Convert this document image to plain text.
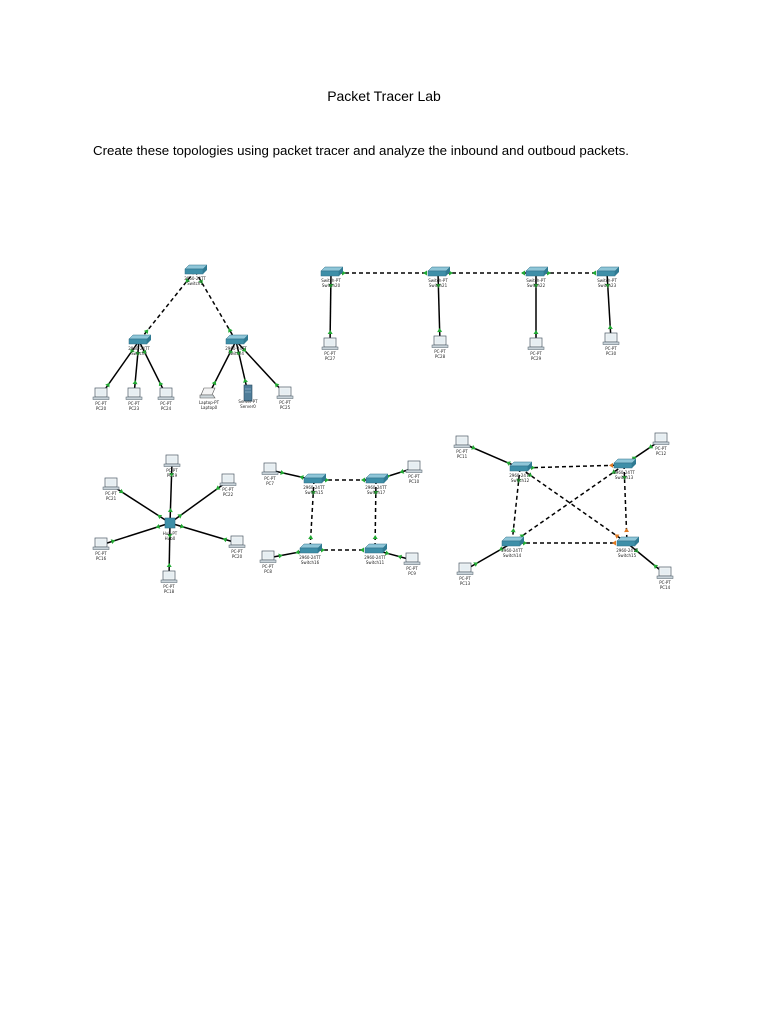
Packet Tracer Lab
Create these topologies using packet tracer and analyze the inbound and outboud packets.
2960-24TT
Switch1
2960-24TT
Switch3
2960-24TT
Switch4
PC-PT
PC20
PC-PT
PC23
PC-PT
PC24
Laptop-PT
Laptop0
Server-PT
Server0
PC-PT
PC25
Switch-PT
Switch20
Switch-PT
Switch21
Switch-PT
Switch22
Switch-PT
Switch23
PC-PT
PC27
PC-PT
PC28
PC-PT
PC29
PC-PT
PC30
Hub-PT
Hub0
PC-PT
PC19
PC-PT
PC21
PC-PT
PC22
PC-PT
PC16
PC-PT
PC20
PC-PT
PC18
2960-24TT
Switch15
2960-24TT
Switch17
2960-24TT
Switch16
2960-24TT
Switch11
PC-PT
PC7
PC-PT
PC10
PC-PT
PC8
PC-PT
PC9
2960-24TT
Switch12
2960-24TT
Switch13
2960-24TT
Switch14
2960-24TT
Switch15
PC-PT
PC11
PC-PT
PC12
PC-PT
PC13	PC-PT
PC14
